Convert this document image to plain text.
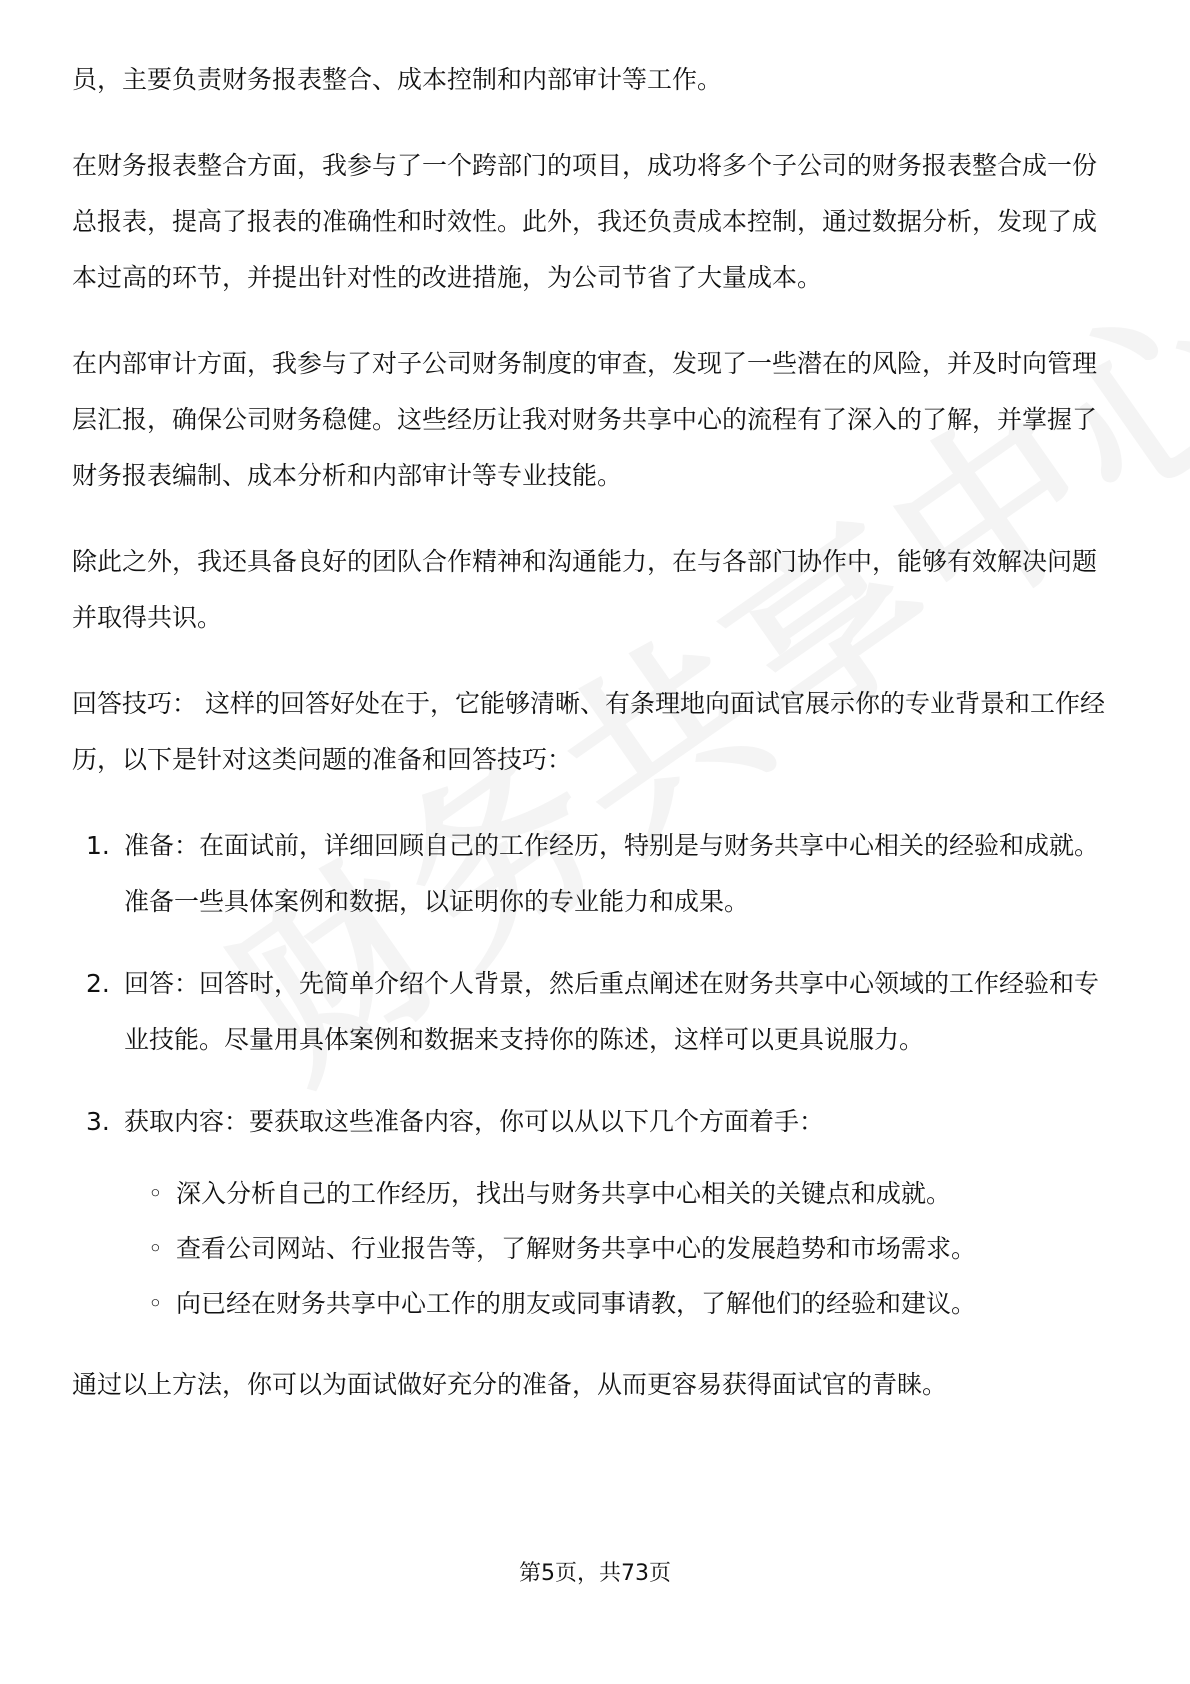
员，主要负责财务报表整合、成本控制和内部审计等工作。

在财务报表整合方面，我参与了一个跨部门的项目，成功将多个子公司的财务报表整合成一份总报表，提高了报表的准确性和时效性。此外，我还负责成本控制，通过数据分析，发现了成本过高的环节，并提出针对性的改进措施，为公司节省了大量成本。

在内部审计方面，我参与了对子公司财务制度的审查，发现了一些潜在的风险，并及时向管理层汇报，确保公司财务稳健。这些经历让我对财务共享中心的流程有了深入的了解，并掌握了财务报表编制、成本分析和内部审计等专业技能。

除此之外，我还具备良好的团队合作精神和沟通能力，在与各部门协作中，能够有效解决问题并取得共识。

回答技巧： 这样的回答好处在于，它能够清晰、有条理地向面试官展示你的专业背景和工作经历，以下是针对这类问题的准备和回答技巧：

1. 准备：在面试前，详细回顾自己的工作经历，特别是与财务共享中心相关的经验和成就。准备一些具体案例和数据，以证明你的专业能力和成果。
2. 回答：回答时，先简单介绍个人背景，然后重点阐述在财务共享中心领域的工作经验和专业技能。尽量用具体案例和数据来支持你的陈述，这样可以更具说服力。
3. 获取内容：要获取这些准备内容，你可以从以下几个方面着手：
◦ 深入分析自己的工作经历，找出与财务共享中心相关的关键点和成就。
◦ 查看公司网站、行业报告等，了解财务共享中心的发展趋势和市场需求。
◦ 向已经在财务共享中心工作的朋友或同事请教，了解他们的经验和建议。

通过以上方法，你可以为面试做好充分的准备，从而更容易获得面试官的青睐。

第5页，共73页
